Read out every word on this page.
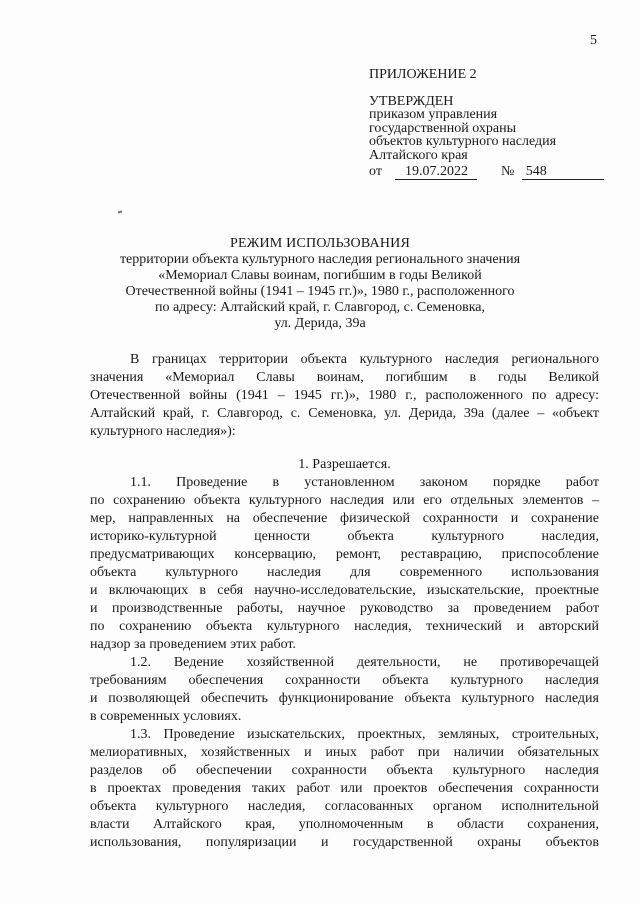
5
ПРИЛОЖЕНИЕ 2
УТВЕРЖДЕН
приказом управления
государственной охраны
объектов культурного наследия
Алтайского края
от 19.07.2022 № 548
РЕЖИМ ИСПОЛЬЗОВАНИЯ
территории объекта культурного наследия регионального значения
«Мемориал Славы воинам, погибшим в годы Великой
Отечественной войны (1941 – 1945 гг.)», 1980 г., расположенного
по адресу: Алтайский край, г. Славгород, с. Семеновка,
ул. Дерида, 39а
В границах территории объекта культурного наследия регионального
значения «Мемориал Славы воинам, погибшим в годы Великой
Отечественной войны (1941 – 1945 гг.)», 1980 г., расположенного по адресу:
Алтайский край, г. Славгород, с. Семеновка, ул. Дерида, 39а (далее – «объект
культурного наследия»):
1. Разрешается.
1.1. Проведение в установленном законом порядке работ
по сохранению объекта культурного наследия или его отдельных элементов –
мер, направленных на обеспечение физической сохранности и сохранение
историко-культурной ценности объекта культурного наследия,
предусматривающих консервацию, ремонт, реставрацию, приспособление
объекта культурного наследия для современного использования
и включающих в себя научно-исследовательские, изыскательские, проектные
и производственные работы, научное руководство за проведением работ
по сохранению объекта культурного наследия, технический и авторский
надзор за проведением этих работ.
1.2. Ведение хозяйственной деятельности, не противоречащей
требованиям обеспечения сохранности объекта культурного наследия
и позволяющей обеспечить функционирование объекта культурного наследия
в современных условиях.
1.3. Проведение изыскательских, проектных, земляных, строительных,
мелиоративных, хозяйственных и иных работ при наличии обязательных
разделов об обеспечении сохранности объекта культурного наследия
в проектах проведения таких работ или проектов обеспечения сохранности
объекта культурного наследия, согласованных органом исполнительной
власти Алтайского края, уполномоченным в области сохранения,
использования, популяризации и государственной охраны объектов
